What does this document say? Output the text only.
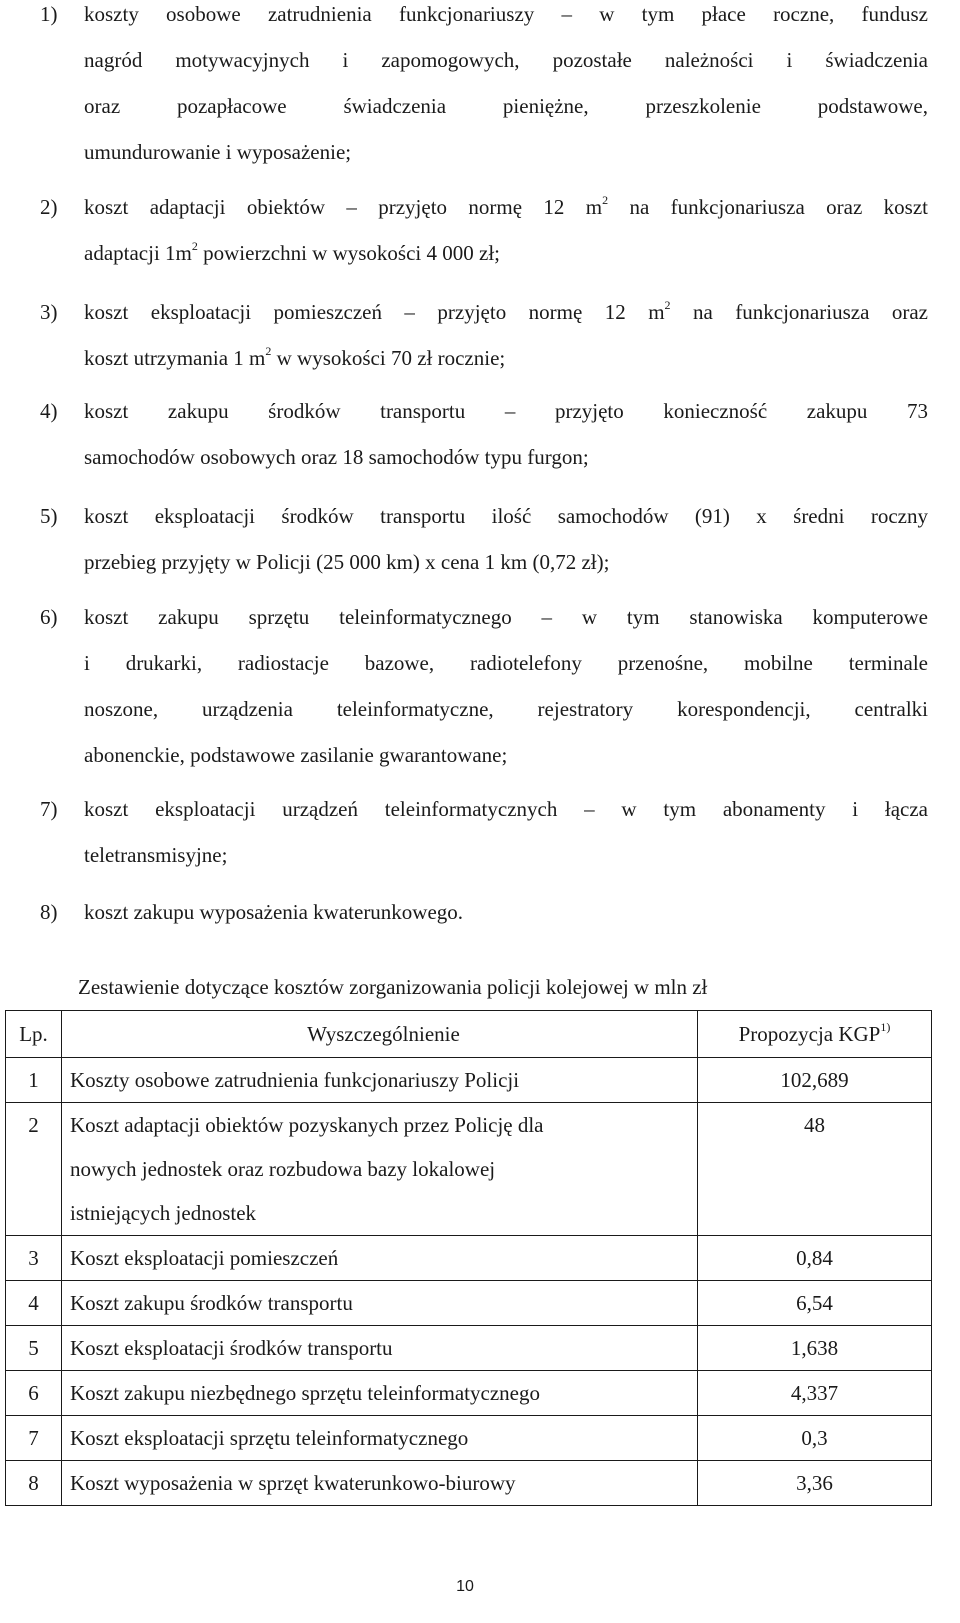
1) koszty osobowe zatrudnienia funkcjonariuszy – w tym płace roczne, fundusz
nagród motywacyjnych i zapomogowych, pozostałe należności i świadczenia
oraz pozapłacowe świadczenia pieniężne, przeszkolenie podstawowe,
umundurowanie i wyposażenie;
2) koszt adaptacji obiektów – przyjęto normę 12 $m^2$ na funkcjonariusza oraz koszt
adaptacji $1m^2$ powierzchni w wysokości 4 000 zł;
3) koszt eksploatacji pomieszczeń – przyjęto normę 12 $m^2$ na funkcjonariusza oraz
koszt utrzymania 1 $m^2$ w wysokości 70 zł rocznie;
4) koszt zakupu środków transportu – przyjęto konieczność zakupu 73
samochodów osobowych oraz 18 samochodów typu furgon;
5) koszt eksploatacji środków transportu ilość samochodów (91) x średni roczny
przebieg przyjęty w Policji (25 000 km) x cena 1 km (0,72 zł);
6) koszt zakupu sprzętu teleinformatycznego – w tym stanowiska komputerowe
i drukarki, radiostacje bazowe, radiotelefony przenośne, mobilne terminale
noszone, urządzenia teleinformatyczne, rejestratory korespondencji, centralki
abonenckie, podstawowe zasilanie gwarantowane;
7) koszt eksploatacji urządzeń teleinformatycznych – w tym abonamenty i łącza
teletransmisyjne;
8) koszt zakupu wyposażenia kwaterunkowego.
Zestawienie dotyczące kosztów zorganizowania policji kolejowej w mln zł
Lp.	Wyszczególnienie	Propozycja KGP$^{1)}$
1	Koszty osobowe zatrudnienia funkcjonariuszy Policji	102,689
2	Koszt adaptacji obiektów pozyskanych przez Policję dla
nowych jednostek oraz rozbudowa bazy lokalowej
istniejących jednostek	48
3	Koszt eksploatacji pomieszczeń	0,84
4	Koszt zakupu środków transportu	6,54
5	Koszt eksploatacji środków transportu	1,638
6	Koszt zakupu niezbędnego sprzętu teleinformatycznego	4,337
7	Koszt eksploatacji sprzętu teleinformatycznego	0,3
8	Koszt wyposażenia w sprzęt kwaterunkowo-biurowy	3,36
10
